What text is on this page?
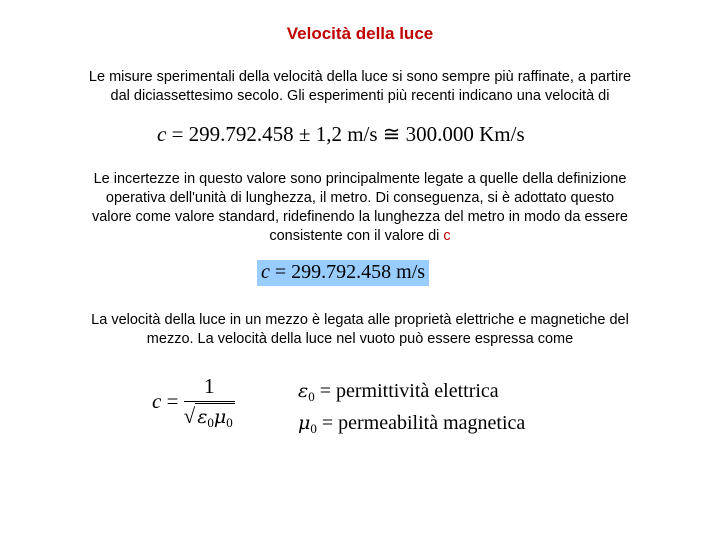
Velocità della luce
Le misure sperimentali della velocità della luce si sono sempre più raffinate, a partire
dal diciassettesimo secolo. Gli esperimenti più recenti indicano una velocità di
c = 299.792.458 ± 1,2 m/s ≅ 300.000 Km/s
Le incertezze in questo valore sono principalmente legate a quelle della definizione
operativa dell'unità di lunghezza, il metro. Di conseguenza, si è adottato questo
valore come valore standard, ridefinendo la lunghezza del metro in modo da essere
consistente con il valore di c
c = 299.792.458 m/s
La velocità della luce in un mezzo è legata alle proprietà elettriche e magnetiche del
mezzo. La velocità della luce nel vuoto può essere espressa come
$c = \frac{1}{√ \varepsilon_0\mu_0}$	$\varepsilon_0$ = permittività elettrica
$\mu_0$ = permeabilità magnetica
